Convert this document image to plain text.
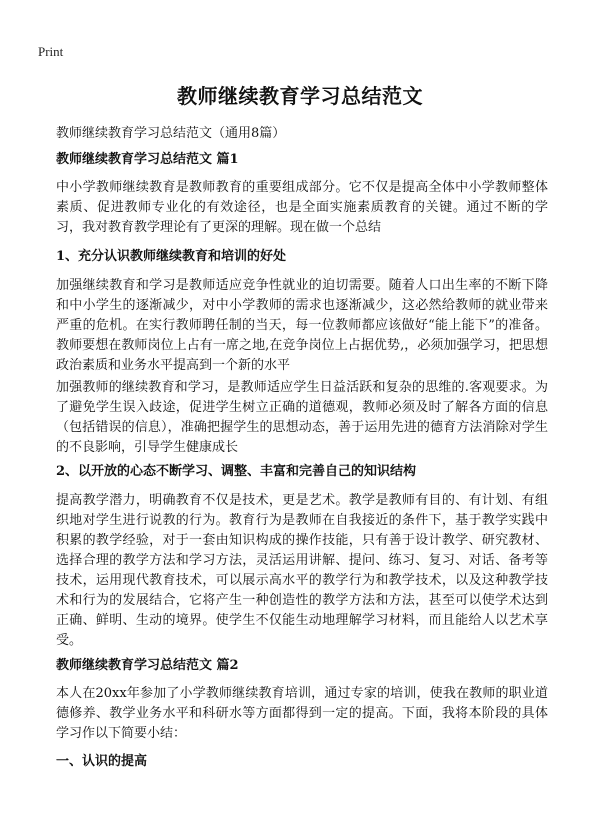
Print
教师继续教育学习总结范文
教师继续教育学习总结范文（通用8篇）
教师继续教育学习总结范文 篇1
中小学教师继续教育是教师教育的重要组成部分。它不仅是提高全体中小学教师整体素质、促进教师专业化的有效途径，也是全面实施素质教育的关键。通过不断的学习，我对教育教学理论有了更深的理解。现在做一个总结
1、充分认识教师继续教育和培训的好处
加强继续教育和学习是教师适应竞争性就业的迫切需要。随着人口出生率的不断下降和中小学生的逐渐减少，对中小学教师的需求也逐渐减少，这必然给教师的就业带来严重的危机。在实行教师聘任制的当天，每一位教师都应该做好“能上能下”的准备。教师要想在教师岗位上占有一席之地,在竞争岗位上占据优势,，必须加强学习，把思想政治素质和业务水平提高到一个新的水平
加强教师的继续教育和学习，是教师适应学生日益活跃和复杂的思维的.客观要求。为了避免学生误入歧途，促进学生树立正确的道德观，教师必须及时了解各方面的信息（包括错误的信息），准确把握学生的思想动态，善于运用先进的德育方法消除对学生的不良影响，引导学生健康成长
2、以开放的心态不断学习、调整、丰富和完善自己的知识结构
提高教学潜力，明确教育不仅是技术，更是艺术。教学是教师有目的、有计划、有组织地对学生进行说教的行为。教育行为是教师在自我接近的条件下，基于教学实践中积累的教学经验，对于一套由知识构成的操作技能，只有善于设计教学、研究教材、选择合理的教学方法和学习方法，灵活运用讲解、提问、练习、复习、对话、备考等技术，运用现代教育技术，可以展示高水平的教学行为和教学技术，以及这种教学技术和行为的发展结合，它将产生一种创造性的教学方法和方法，甚至可以使学术达到正确、鲜明、生动的境界。使学生不仅能生动地理解学习材料，而且能给人以艺术享受。
教师继续教育学习总结范文 篇2
本人在20xx年参加了小学教师继续教育培训，通过专家的培训，使我在教师的职业道德修养、教学业务水平和科研水等方面都得到一定的提高。下面，我将本阶段的具体学习作以下简要小结：
一、认识的提高
